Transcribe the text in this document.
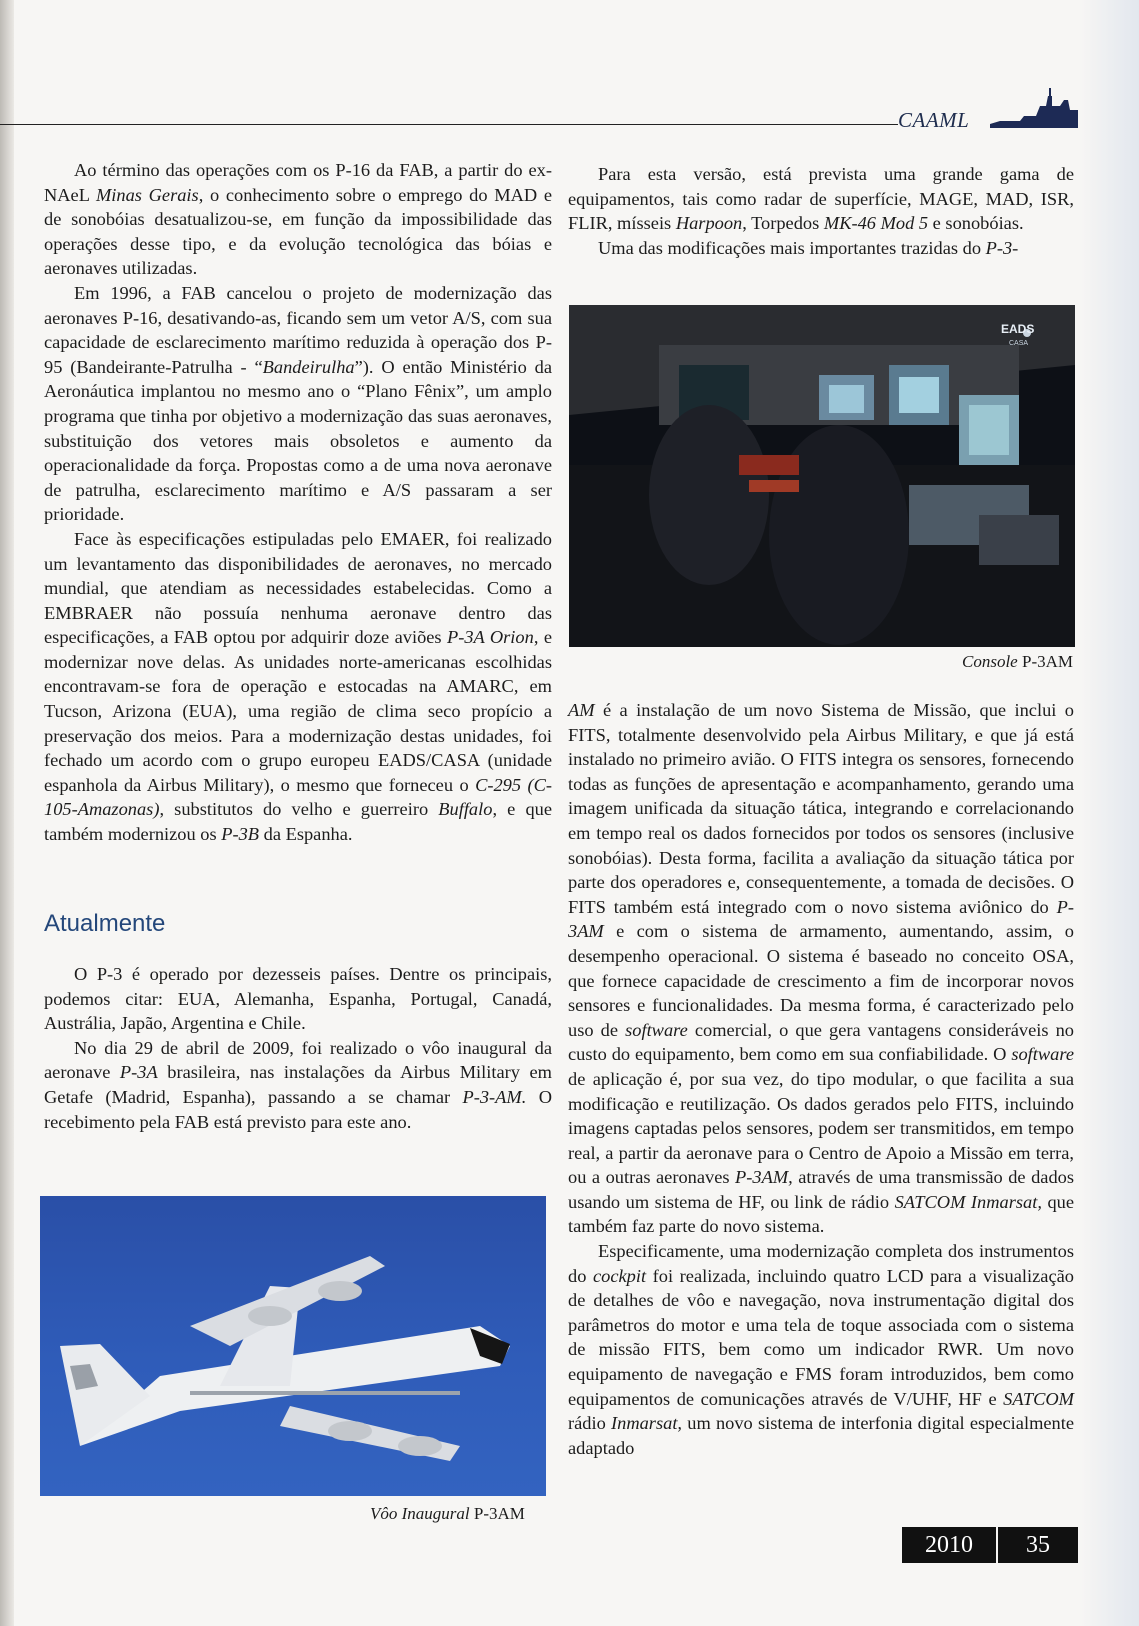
CAAML

Ao término das operações com os P-16 da FAB, a partir do ex-NAeL Minas Gerais, o conhecimento sobre o emprego do MAD e de sonobóias desatualizou-se, em função da impossibilidade das operações desse tipo, e da evolução tecnológica das bóias e aeronaves utilizadas.

Em 1996, a FAB cancelou o projeto de modernização das aeronaves P-16, desativando-as, ficando sem um vetor A/S, com sua capacidade de esclarecimento marítimo reduzida à operação dos P-95 (Bandeirante-Patrulha - “Bandeirulha”). O então Ministério da Aeronáutica implantou no mesmo ano o “Plano Fênix”, um amplo programa que tinha por objetivo a modernização das suas aeronaves, substituição dos vetores mais obsoletos e aumento da operacionalidade da força. Propostas como a de uma nova aeronave de patrulha, esclarecimento marítimo e A/S passaram a ser prioridade.

Face às especificações estipuladas pelo EMAER, foi realizado um levantamento das disponibilidades de aeronaves, no mercado mundial, que atendiam as necessidades estabelecidas. Como a EMBRAER não possuía nenhuma aeronave dentro das especificações, a FAB optou por adquirir doze aviões P-3A Orion, e modernizar nove delas. As unidades norte-americanas escolhidas encontravam-se fora de operação e estocadas na AMARC, em Tucson, Arizona (EUA), uma região de clima seco propício a preservação dos meios. Para a modernização destas unidades, foi fechado um acordo com o grupo europeu EADS/CASA (unidade espanhola da Airbus Military), o mesmo que forneceu o C-295 (C-105-Amazonas), substitutos do velho e guerreiro Buffalo, e que também modernizou os P-3B da Espanha.

Atualmente

O P-3 é operado por dezesseis países. Dentre os principais, podemos citar: EUA, Alemanha, Espanha, Portugal, Canadá, Austrália, Japão, Argentina e Chile.

No dia 29 de abril de 2009, foi realizado o vôo inaugural da aeronave P-3A brasileira, nas instalações da Airbus Military em Getafe (Madrid, Espanha), passando a se chamar P-3-AM. O recebimento pela FAB está previsto para este ano.

Para esta versão, está prevista uma grande gama de equipamentos, tais como radar de superfície, MAGE, MAD, ISR, FLIR, mísseis Harpoon, Torpedos MK-46 Mod 5 e sonobóias.

Uma das modificações mais importantes trazidas do P-3-

EADS
CASA
Console P-3AM

AM é a instalação de um novo Sistema de Missão, que inclui o FITS, totalmente desenvolvido pela Airbus Military, e que já está instalado no primeiro avião. O FITS integra os sensores, fornecendo todas as funções de apresentação e acompanhamento, gerando uma imagem unificada da situação tática, integrando e correlacionando em tempo real os dados fornecidos por todos os sensores (inclusive sonobóias). Desta forma, facilita a avaliação da situação tática por parte dos operadores e, consequentemente, a tomada de decisões. O FITS também está integrado com o novo sistema aviônico do P-3AM e com o sistema de armamento, aumentando, assim, o desempenho operacional. O sistema é baseado no conceito OSA, que fornece capacidade de crescimento a fim de incorporar novos sensores e funcionalidades. Da mesma forma, é caracterizado pelo uso de software comercial, o que gera vantagens consideráveis no custo do equipamento, bem como em sua confiabilidade. O software de aplicação é, por sua vez, do tipo modular, o que facilita a sua modificação e reutilização. Os dados gerados pelo FITS, incluindo imagens captadas pelos sensores, podem ser transmitidos, em tempo real, a partir da aeronave para o Centro de Apoio a Missão em terra, ou a outras aeronaves P-3AM, através de uma transmissão de dados usando um sistema de HF, ou link de rádio SATCOM Inmarsat, que também faz parte do novo sistema.

Especificamente, uma modernização completa dos instrumentos do cockpit foi realizada, incluindo quatro LCD para a visualização de detalhes de vôo e navegação, nova instrumentação digital dos parâmetros do motor e uma tela de toque associada com o sistema de missão FITS, bem como um indicador RWR. Um novo equipamento de navegação e FMS foram introduzidos, bem como equipamentos de comunicações através de V/UHF, HF e SATCOM rádio Inmarsat, um novo sistema de interfonia digital especialmente adaptado

Vôo Inaugural P-3AM
2010	35
